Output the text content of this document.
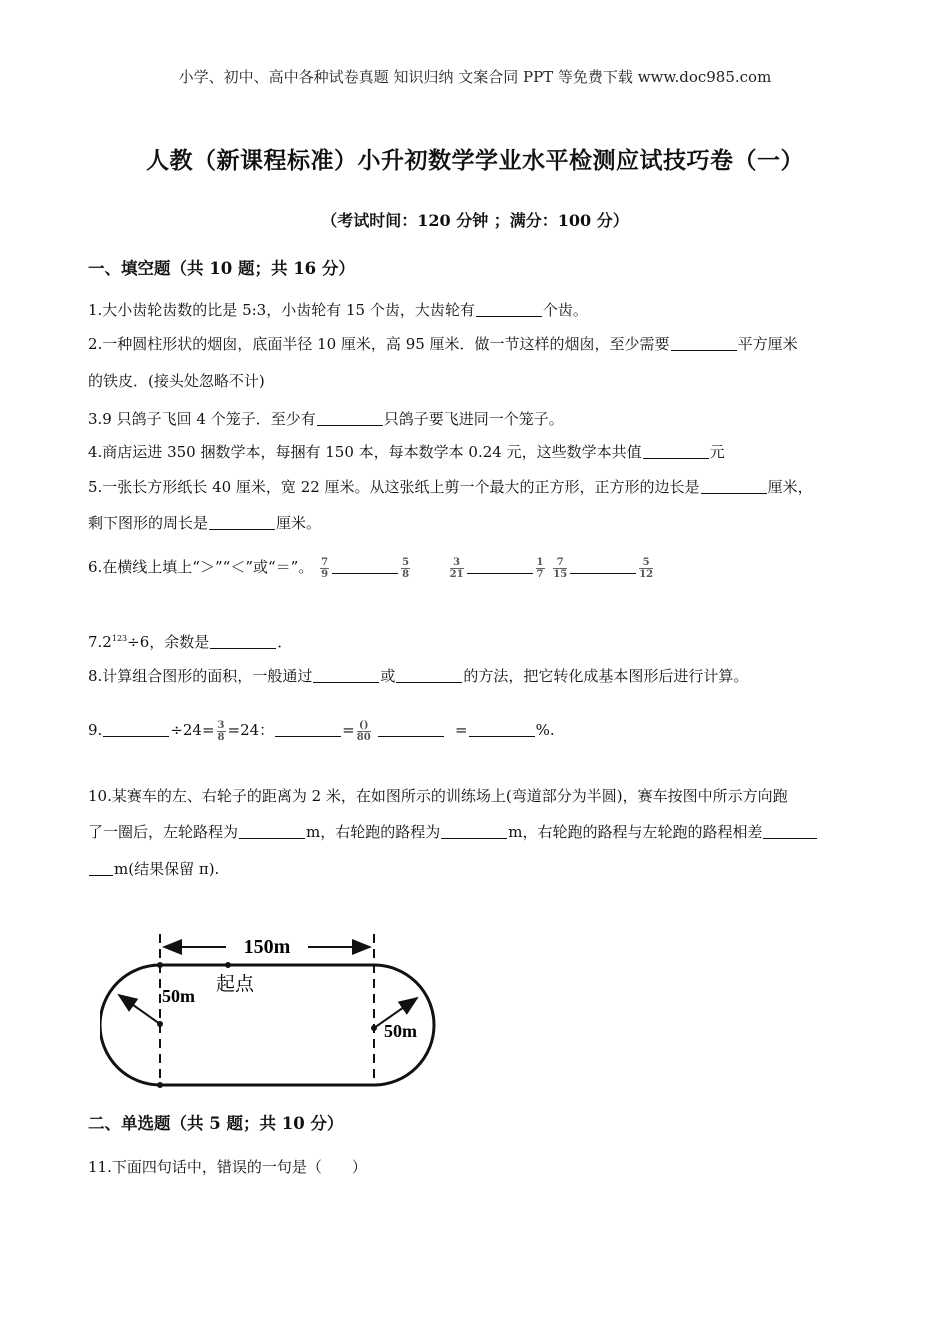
小学、初中、高中各种试卷真题 知识归纳 文案合同 PPT 等免费下载 www.doc985.com
人教（新课程标准）小升初数学学业水平检测应试技巧卷（一）
（考试时间：120 分钟 ；满分：100 分）
一、填空题（共 10 题；共 16 分）
1.大小齿轮齿数的比是 5:3，小齿轮有 15 个齿，大齿轮有	个齿。
2.一种圆柱形状的烟囱，底面半径 10 厘米，高 95 厘米．做一节这样的烟囱，至少需要	平方厘米
的铁皮．(接头处忽略不计)
3.9 只鸽子飞回 4 个笼子．至少有	只鸽子要飞进同一个笼子。
4.商店运进 350 捆数学本，每捆有 150 本，每本数学本 0.24 元，这些数学本共值	元
5.一张长方形纸长 40 厘米，宽 22 厘米。从这张纸上剪一个最大的正方形，正方形的边长是	厘米，
剩下图形的周长是	厘米。
6.在横线上填上“＞”“＜”或“＝”。 $\frac{7}{9}$	$\frac{5}{8}$
	$\frac{3}{21}$	$\frac{1}{7}$
$\frac{7}{15}$	$\frac{5}{12}$
$7.2^{123}\div 6$，余数是	．
8.计算组合图形的面积，一般通过	或	的方法，把它转化成基本图形后进行计算。
9.	$\div 24= \frac{3}{8} =24$：	= $\frac{()}{80}$	=	%.
10.某赛车的左、右轮子的距离为 2 米，在如图所示的训练场上(弯道部分为半圆)，赛车按图中所示方向跑
了一圈后，左轮路程为	m，右轮跑的路程为	m，右轮跑的路程与左轮跑的路程相差
m(结果保留 π).
150m
50m
50m
起点
二、单选题（共 5 题；共 10 分）
11.下面四句话中，错误的一句是（　　）
